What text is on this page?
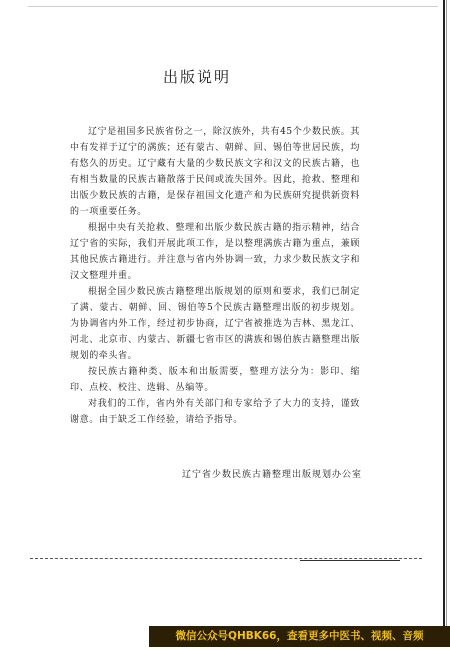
出版说明

辽宁是祖国多民族省份之一，除汉族外，共有45个少数民族。其中有发祥于辽宁的满族；还有蒙古、朝鲜、回、锡伯等世居民族，均有悠久的历史。辽宁藏有大量的少数民族文字和汉文的民族古籍，也有相当数量的民族古籍散落于民间或流失国外。因此，抢救、整理和出版少数民族的古籍，是保存祖国文化遗产和为民族研究提供新资料的一项重要任务。

根据中央有关抢救、整理和出版少数民族古籍的指示精神，结合辽宁省的实际，我们开展此项工作，是以整理满族古籍为重点，兼顾其他民族古籍进行。并注意与省内外协调一致，力求少数民族文字和汉文整理并重。

根据全国少数民族古籍整理出版规划的原则和要求，我们已制定了满、蒙古、朝鲜、回、锡伯等5个民族古籍整理出版的初步规划。为协调省内外工作，经过初步协商，辽宁省被推选为吉林、黑龙江、河北、北京市、内蒙古、新疆七省市区的满族和锡伯族古籍整理出版规划的牵头省。

按民族古籍种类、版本和出版需要，整理方法分为：影印、缩印、点校、校注、选辑、丛编等。

对我们的工作，省内外有关部门和专家给予了大力的支持，谨致谢意。由于缺乏工作经验，请给予指导。

辽宁省少数民族古籍整理出版规划办公室
微信公众号QHBK66，查看更多中医书、视频、音频
